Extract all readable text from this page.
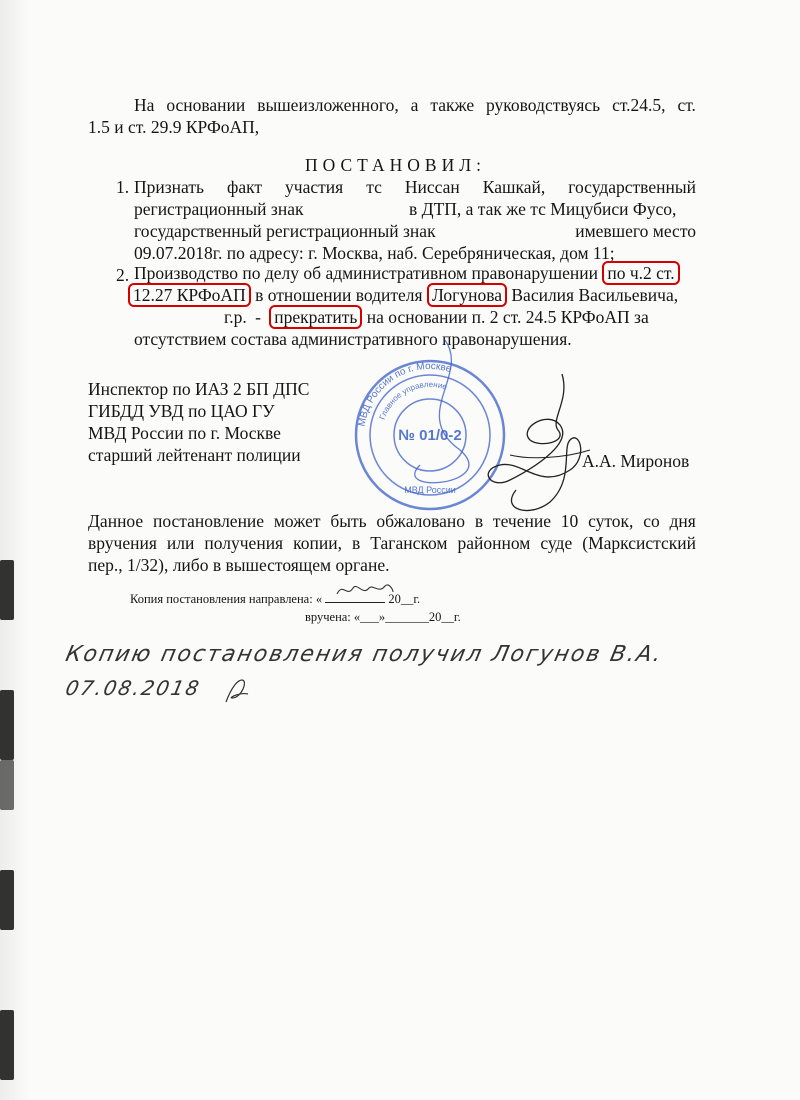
На основании вышеизложенного, а также руководствуясь ст.24.5, ст.
1.5 и ст. 29.9 КРФоАП,
ПОСТАНОВИЛ:
1. Признать факт участия тс Ниссан Кашкай, государственный
регистрационный знак	в ДТП, а так же тс Мицубиси Фусо,
государственный регистрационный знак	имевшего место
09.07.2018г. по адресу: г. Москва, наб. Серебряническая, дом 11;
2. Производство по делу об административном правонарушении по ч.2 ст.
12.27 КРФоАП в отношении водителя Логунова Василия Васильевича,
г.р. - прекратить на основании п. 2 ст. 24.5 КРФоАП за
отсутствием состава административного правонарушения.
Инспектор по ИАЗ 2 БП ДПС
ГИБДД УВД по ЦАО ГУ
МВД России по г. Москве
старший лейтенант полиции	А.А. Миронов
МВД России по г. Москве
Главное управление
МВД России
№ 01/0-2
Данное постановление может быть обжаловано в течение 10 суток, со дня
вручения или получения копии, в Таганском районном суде (Марксистский
пер., 1/32), либо в вышестоящем органе.
Копия постановления направлена: «	20__г.
вручена: «___»_______20__г.
Копию постановления получил Логунов В.А.
07.08.2018
